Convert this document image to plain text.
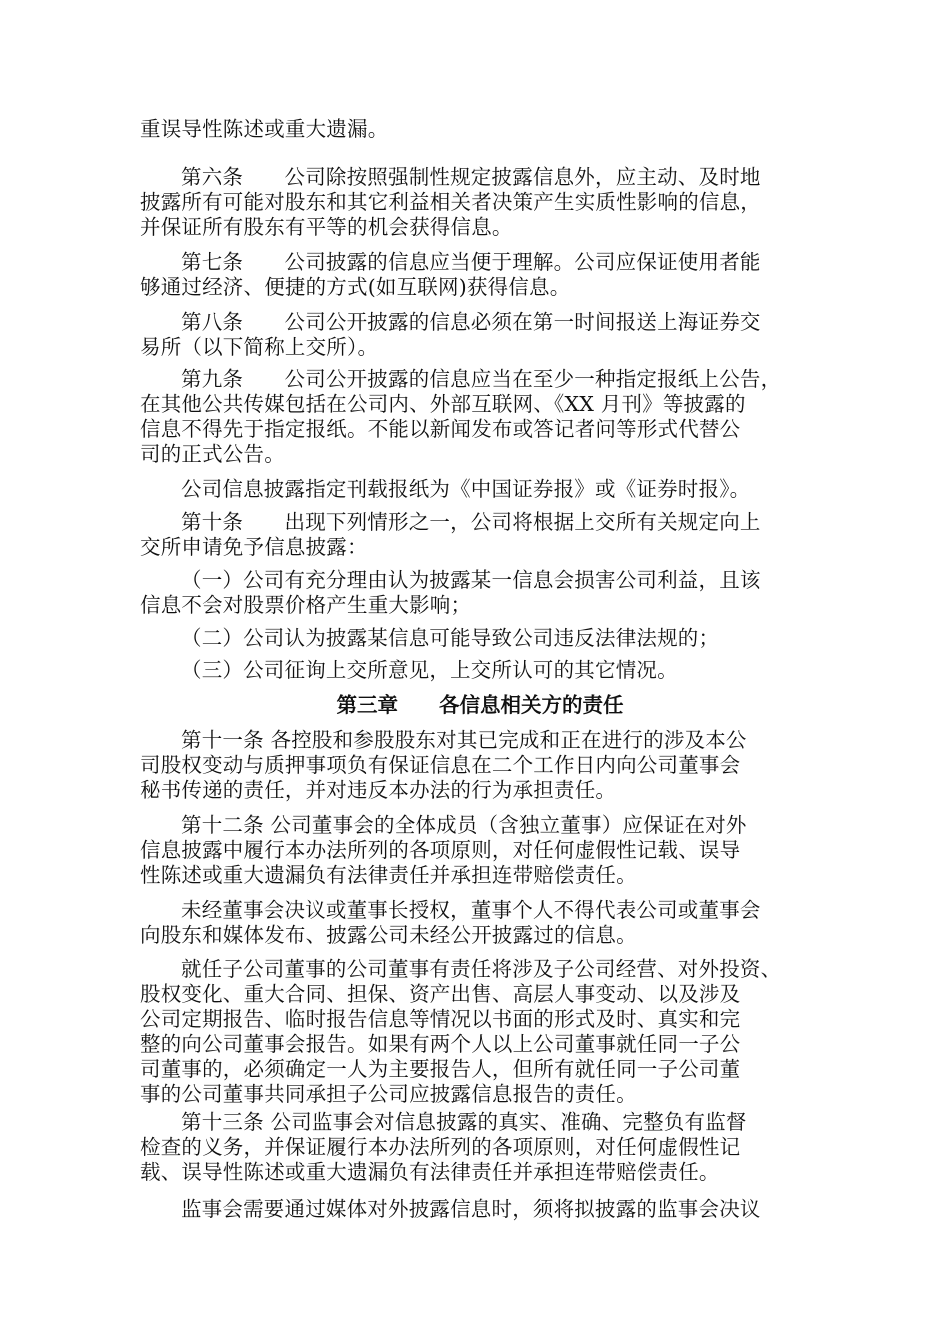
重误导性陈述或重大遗漏。
第六条　　公司除按照强制性规定披露信息外，应主动、及时地
披露所有可能对股东和其它利益相关者决策产生实质性影响的信息，
并保证所有股东有平等的机会获得信息。
第七条　　公司披露的信息应当便于理解。公司应保证使用者能
够通过经济、便捷的方式(如互联网)获得信息。
第八条　　公司公开披露的信息必须在第一时间报送上海证券交
易所（以下简称上交所）。
第九条　　公司公开披露的信息应当在至少一种指定报纸上公告，
在其他公共传媒包括在公司内、外部互联网、《XX 月刊》等披露的
信息不得先于指定报纸。不能以新闻发布或答记者问等形式代替公
司的正式公告。
公司信息披露指定刊载报纸为《中国证券报》或《证券时报》。
第十条　　出现下列情形之一，公司将根据上交所有关规定向上
交所申请免予信息披露：
（一）公司有充分理由认为披露某一信息会损害公司利益，且该
信息不会对股票价格产生重大影响；
（二）公司认为披露某信息可能导致公司违反法律法规的；
（三）公司征询上交所意见，上交所认可的其它情况。
第三章　　各信息相关方的责任
第十一条 各控股和参股股东对其已完成和正在进行的涉及本公
司股权变动与质押事项负有保证信息在二个工作日内向公司董事会
秘书传递的责任，并对违反本办法的行为承担责任。
第十二条 公司董事会的全体成员（含独立董事）应保证在对外
信息披露中履行本办法所列的各项原则，对任何虚假性记载、误导
性陈述或重大遗漏负有法律责任并承担连带赔偿责任。
未经董事会决议或董事长授权，董事个人不得代表公司或董事会
向股东和媒体发布、披露公司未经公开披露过的信息。
就任子公司董事的公司董事有责任将涉及子公司经营、对外投资、
股权变化、重大合同、担保、资产出售、高层人事变动、以及涉及
公司定期报告、临时报告信息等情况以书面的形式及时、真实和完
整的向公司董事会报告。如果有两个人以上公司董事就任同一子公
司董事的，必须确定一人为主要报告人，但所有就任同一子公司董
事的公司董事共同承担子公司应披露信息报告的责任。
第十三条 公司监事会对信息披露的真实、准确、完整负有监督
检查的义务，并保证履行本办法所列的各项原则，对任何虚假性记
载、误导性陈述或重大遗漏负有法律责任并承担连带赔偿责任。
监事会需要通过媒体对外披露信息时，须将拟披露的监事会决议
